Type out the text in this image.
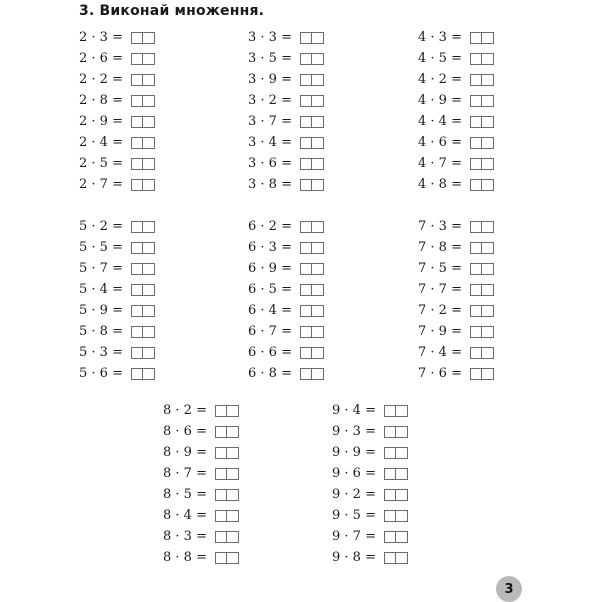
3. Виконай множення.
2 · 3 =
2 · 6 =
2 · 2 =
2 · 8 =
2 · 9 =
2 · 4 =
2 · 5 =
2 · 7 =
3 · 3 =
3 · 5 =
3 · 9 =
3 · 2 =
3 · 7 =
3 · 4 =
3 · 6 =
3 · 8 =
4 · 3 =
4 · 5 =
4 · 2 =
4 · 9 =
4 · 4 =
4 · 6 =
4 · 7 =
4 · 8 =
5 · 2 =
5 · 5 =
5 · 7 =
5 · 4 =
5 · 9 =
5 · 8 =
5 · 3 =
5 · 6 =
6 · 2 =
6 · 3 =
6 · 9 =
6 · 5 =
6 · 4 =
6 · 7 =
6 · 6 =
6 · 8 =
7 · 3 =
7 · 8 =
7 · 5 =
7 · 7 =
7 · 2 =
7 · 9 =
7 · 4 =
7 · 6 =
8 · 2 =
8 · 6 =
8 · 9 =
8 · 7 =
8 · 5 =
8 · 4 =
8 · 3 =
8 · 8 =
9 · 4 =
9 · 3 =
9 · 9 =
9 · 6 =
9 · 2 =
9 · 5 =
9 · 7 =
9 · 8 =
3
